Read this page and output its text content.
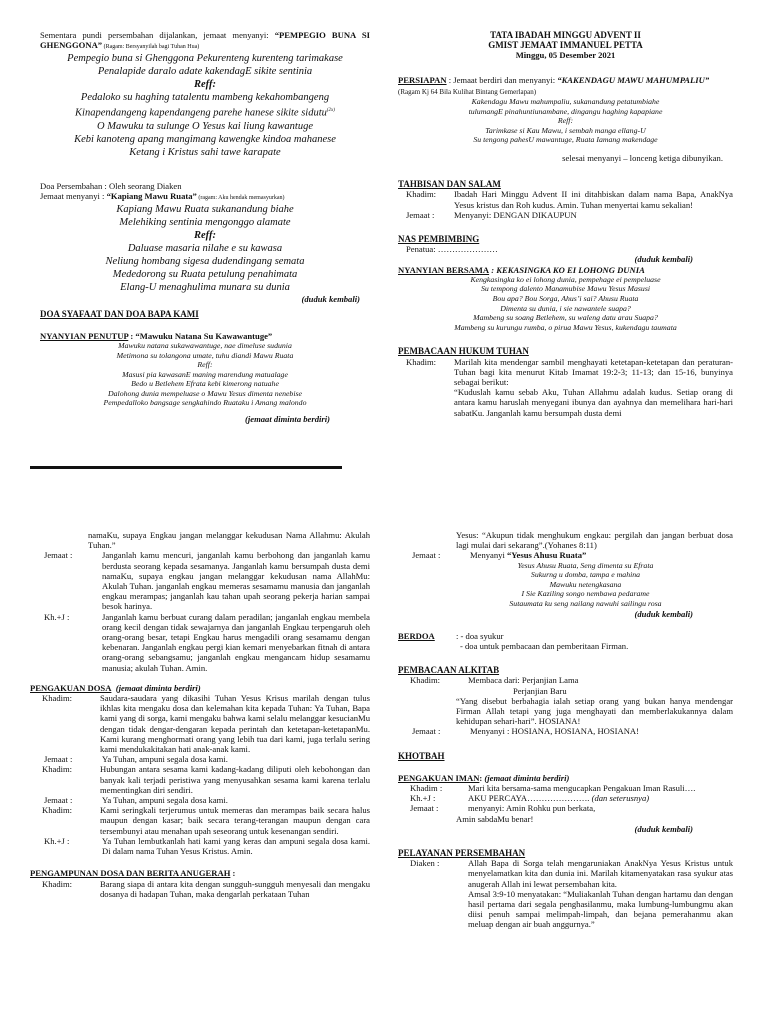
Sementara pundi persembahan dijalankan, jemaat menyanyi: “PEMPEGIO BUNA SI GHENGGONA” (Ragam: Bersyanyilah bagi Tuhan Hua)
Pempegio buna si Ghenggona Pekurenteng kurenteng tarimakase
Penalapide daralo adate kakendagE sikite sentinia
Reff:
Pedaloko su haghing tatalentu mambeng kekahombangeng
Kinapendangeng kapendangeng parehe hanese sikite sidutu$^{(2x)}$
O Mawuku ta sulunge O Yesus kai liung kawantuge
Kebi kanoteng apang mangimang kawengke kindoa mahanese
Ketang i Kristus sahi tawe karapate
Doa Persembahan : Oleh seorang Diaken
Jemaat menyanyi : “Kapiang Mawu Ruata” (ragam: Aku hendak memasyurkan)
Kapiang Mawu Ruata sukanandung biahe
Melehiking sentinia mengonggo alamate
Reff:
Daluase masaria nilahe e su kawasa
Neliung hombang sigesa dudendingang semata
Mededorong su Ruata petulung penahimata
Elang-U menaghulima munara su dunia
(duduk kembali)
DOA SYAFAAT DAN DOA BAPA KAMI
NYANYIAN PENUTUP : “Mawuku Natana Su Kawawantuge”
Mawuku natana sukawawantuge, nae dimeluse sudunia
Metimona su tolangona umate, tuhu diandi Mawu Ruata
Reff:
Masusi pia kawasanE maning marendung matualage
Bedo u Betlehem Efrata kebi kimerong natuahe
Dalohong dunia mempeluase o Mawu Yesus dimenta nenebise
Pempedalloko bangsage sengkahindo Ruataku i Amang malondo
(jemaat diminta berdiri)
TATA IBADAH MINGGU ADVENT II
GMIST JEMAAT IMMANUEL PETTA
Minggu, 05 Desember 2021
PERSIAPAN : Jemaat berdiri dan menyanyi: “KAKENDAGU MAWU MAHUMPALIU” (Ragam Kj 64 Bila Kulihat Bintang Gemerlapan)
Kakendagu Mawu mahumpaliu, sukanandung petatumbiahe
tulumangE pinahuntiunambane, dingangu haghing kapapiane
Reff:
Tarimkase si Kau Mawu, i sembah manga ellang-U
Su tengong pahesU mawantuge, Ruata Iamang makendage
selesai menyanyi – lonceng ketiga dibunyikan.
TAHBISAN DAN SALAM
Khadim:	Ibadah Hari Minggu Advent II ini ditahbiskan dalam nama Bapa, AnakNya Yesus kristus dan Roh kudus. Amin. Tuhan menyertai kamu sekalian!
Jemaat :	Menyanyi: DENGAN DIKAUPUN
NAS PEMBIMBING
Penatua: …………………
(duduk kembali)
NYANYIAN BERSAMA : KEKASINGKA KO EI LOHONG DUNIA
Kengkasingka ko ei lohong dunia, pempehage ei pempeluase
Su tempong dalento Manamubise Mawu Yesus Masusi
Bou apa? Bou Sorga, Ahus’i sai? Ahusu Ruata
Dimenta su dunia, i sie nawantele suapa?
Mambeng su soang Betlehem, su waleng datu arau Suapa?
Mambeng su kurungu rumba, o pirua Mawu Yesus, kukendagu taumata
PEMBACAAN HUKUM TUHAN
Khadim:	Marilah kita mendengar sambil menghayati ketetapan-ketetapan dan peraturan-Tuhan bagi kita menurut Kitab Imamat 19:2-3; 11-13; dan 15-16, bunyinya sebagai berikut:
“Kuduslah kamu sebab Aku, Tuhan Allahmu adalah kudus. Setiap orang di antara kamu haruslah menyegani ibunya dan ayahnya dan memelihara hari-hari sabatKu. Janganlah kamu bersumpah dusta demi
namaKu, supaya Engkau jangan melanggar kekudusan Nama Allahmu: Akulah Tuhan.”
Jemaat :	Janganlah kamu mencuri, janganlah kamu berbohong dan janganlah kamu berdusta seorang kepada sesamanya. Janganlah kamu bersumpah dusta demi namaKu, supaya engkau jangan melanggar kekudusan nama AllahMu: Akulah Tuhan. janganlah engkau memeras sesamamu manusia dan janganlah engkau merampas; janganlah kau tahan upah seorang pekerja harian sampai besok harinya.
Kh.+J :	Janganlah kamu berbuat curang dalam peradilan; janganlah engkau membela orang kecil dengan tidak sewajarnya dan janganlah Engkau terpengaruh oleh orang-orang besar, tetapi Engkau harus mengadili orang sesamamu dengan kebenaran. Janganlah engkau pergi kian kemari menyebarkan fitnah di antara orang-orang sebangsamu; janganlah engkau mengancam hidup sesamamu manusia; akulah Tuhan. Amin.
PENGAKUAN DOSA (jemaat diminta berdiri)
Khadim:	Saudara-saudara yang dikasihi Tuhan Yesus Krisus marilah dengan tulus ikhlas kita mengaku dosa dan kelemahan kita kepada Tuhan: Ya Tuhan, Bapa kami yang di sorga, kami mengaku bahwa kami selalu melanggar kesucianMu dengan tidak dengar-dengaran kepada perintah dan ketetapan-ketetapanMu. Kami kurang menghormati orang yang lebih tua dari kami, juga terlalu sering kami mendukakitakan hati anak-anak kami.
Jemaat :	Ya Tuhan, ampuni segala dosa kami.
Khadim:	Hubungan antara sesama kami kadang-kadang diliputi oleh kebohongan dan banyak kali terjadi peristiwa yang menyusahkan sesama kami karena terlalu mementingkan diri sendiri.
Jemaat :	Ya Tuhan, ampuni segala dosa kami.
Khadim:	Kami seringkali terjerumus untuk memeras dan merampas baik secara halus maupun dengan kasar; baik secara terang-terangan maupun dengan cara tersembunyi atau menahan upah seseorang untuk kesenangan sendiri.
Kh.+J :	Ya Tuhan lembutkanlah hati kami yang keras dan ampuni segala dosa kami. Di dalam nama Tuhan Yesus Kristus. Amin.
PENGAMPUNAN DOSA DAN BERITA ANUGERAH :
Khadim:	Barang siapa di antara kita dengan sungguh-sungguh menyesali dan mengaku dosanya di hadapan Tuhan, maka dengarlah perkataan Tuhan
Yesus: “Akupun tidak menghukum engkau: pergilah dan jangan berbuat dosa lagi mulai dari sekarang”.(Yohanes 8:11)
Jemaat :	Menyanyi “Yesus Ahusu Ruata”
Yesus Ahusu Ruata, Seng dimenta su Efrata
Sukurng u domba, tampa e mahina
Mawuku netengkasana
I Sie Kaziling songo nembawa pedarame
Sutaumata ku seng nailang nawuhi sailingu rosa
(duduk kembali)
BERDOA	: - doa syukur
- doa untuk pembacaan dan pemberitaan Firman.
PEMBACAAN ALKITAB
Khadim:	Membaca dari: Perjanjian Lama
Perjanjian Baru
“Yang disebut berbahagia ialah setiap orang yang bukan hanya mendengar Firman Allah tetapi yang juga menghayati dan memberlakukannya dalam kehidupan sehari-hari”. HOSIANA!
Jemaat :	Menyanyi : HOSIANA, HOSIANA, HOSIANA!
KHOTBAH
PENGAKUAN IMAN: (jemaat diminta berdiri)
Khadim :	Mari kita bersama-sama mengucapkan Pengakuan Iman Rasuli….
Kh.+J :	AKU PERCAYA…………………. (dan seterusnya)
Jemaat :	menyanyi: Amin Rohku pun berkata,
Amin sabdaMu benar!
(duduk kembali)
PELAYANAN PERSEMBAHAN
Diaken :	Allah Bapa di Sorga telah mengaruniakan AnakNya Yesus Kristus untuk menyelamatkan kita dan dunia ini. Marilah kitamenyatakan rasa syukur atas anugerah Allah ini lewat persembahan kita.
Amsal 3:9-10 menyatakan: “Muliakanlah Tuhan dengan hartamu dan dengan hasil pertama dari segala penghasilanmu, maka lumbung-lumbungmu akan diisi penuh sampai melimpah-limpah, dan bejana pemerahanmu akan meluap dengan air buah anggurnya.”
